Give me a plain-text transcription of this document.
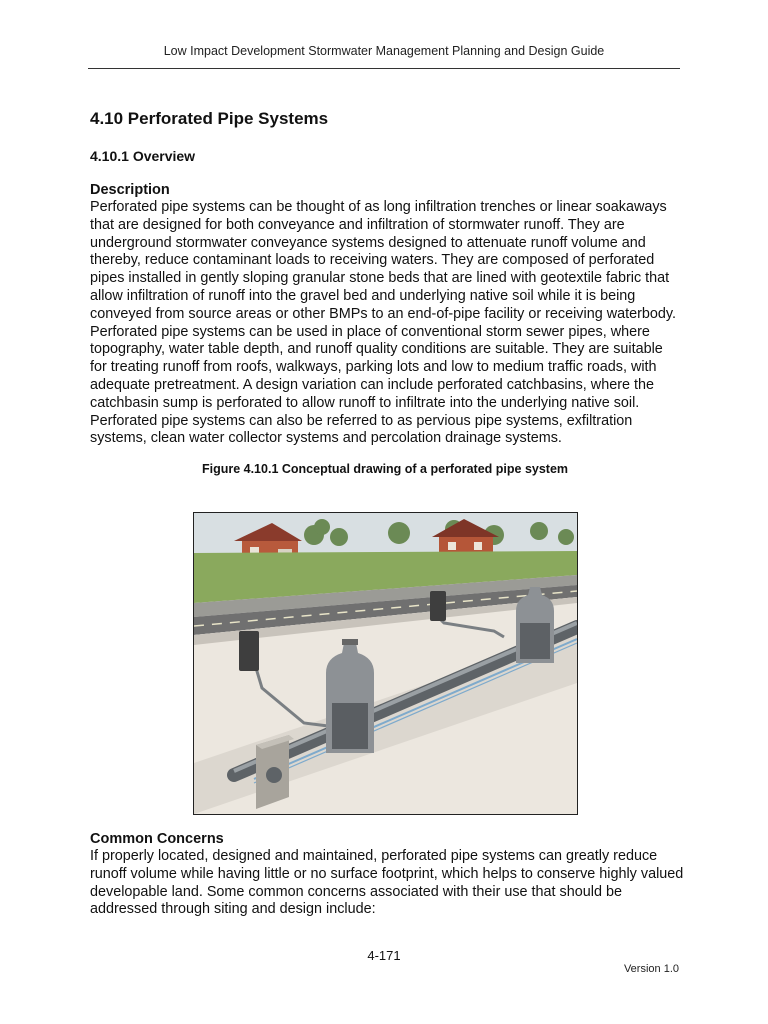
Low Impact Development Stormwater Management Planning and Design Guide
4.10 Perforated Pipe Systems
4.10.1 Overview
Description

Perforated pipe systems can be thought of as long infiltration trenches or linear soakaways that are designed for both conveyance and infiltration of stormwater runoff. They are underground stormwater conveyance systems designed to attenuate runoff volume and thereby, reduce contaminant loads to receiving waters. They are composed of perforated pipes installed in gently sloping granular stone beds that are lined with geotextile fabric that allow infiltration of runoff into the gravel bed and underlying native soil while it is being conveyed from source areas or other BMPs to an end-of-pipe facility or receiving waterbody. Perforated pipe systems can be used in place of conventional storm sewer pipes, where topography, water table depth, and runoff quality conditions are suitable. They are suitable for treating runoff from roofs, walkways, parking lots and low to medium traffic roads, with adequate pretreatment. A design variation can include perforated catchbasins, where the catchbasin sump is perforated to allow runoff to infiltrate into the underlying native soil. Perforated pipe systems can also be referred to as pervious pipe systems, exfiltration systems, clean water collector systems and percolation drainage systems.

Figure 4.10.1 Conceptual drawing of a perforated pipe system

Common Concerns

If properly located, designed and maintained, perforated pipe systems can greatly reduce runoff volume while having little or no surface footprint, which helps to conserve highly valued developable land. Some common concerns associated with their use that should be addressed through siting and design include:

4-171
Version 1.0
